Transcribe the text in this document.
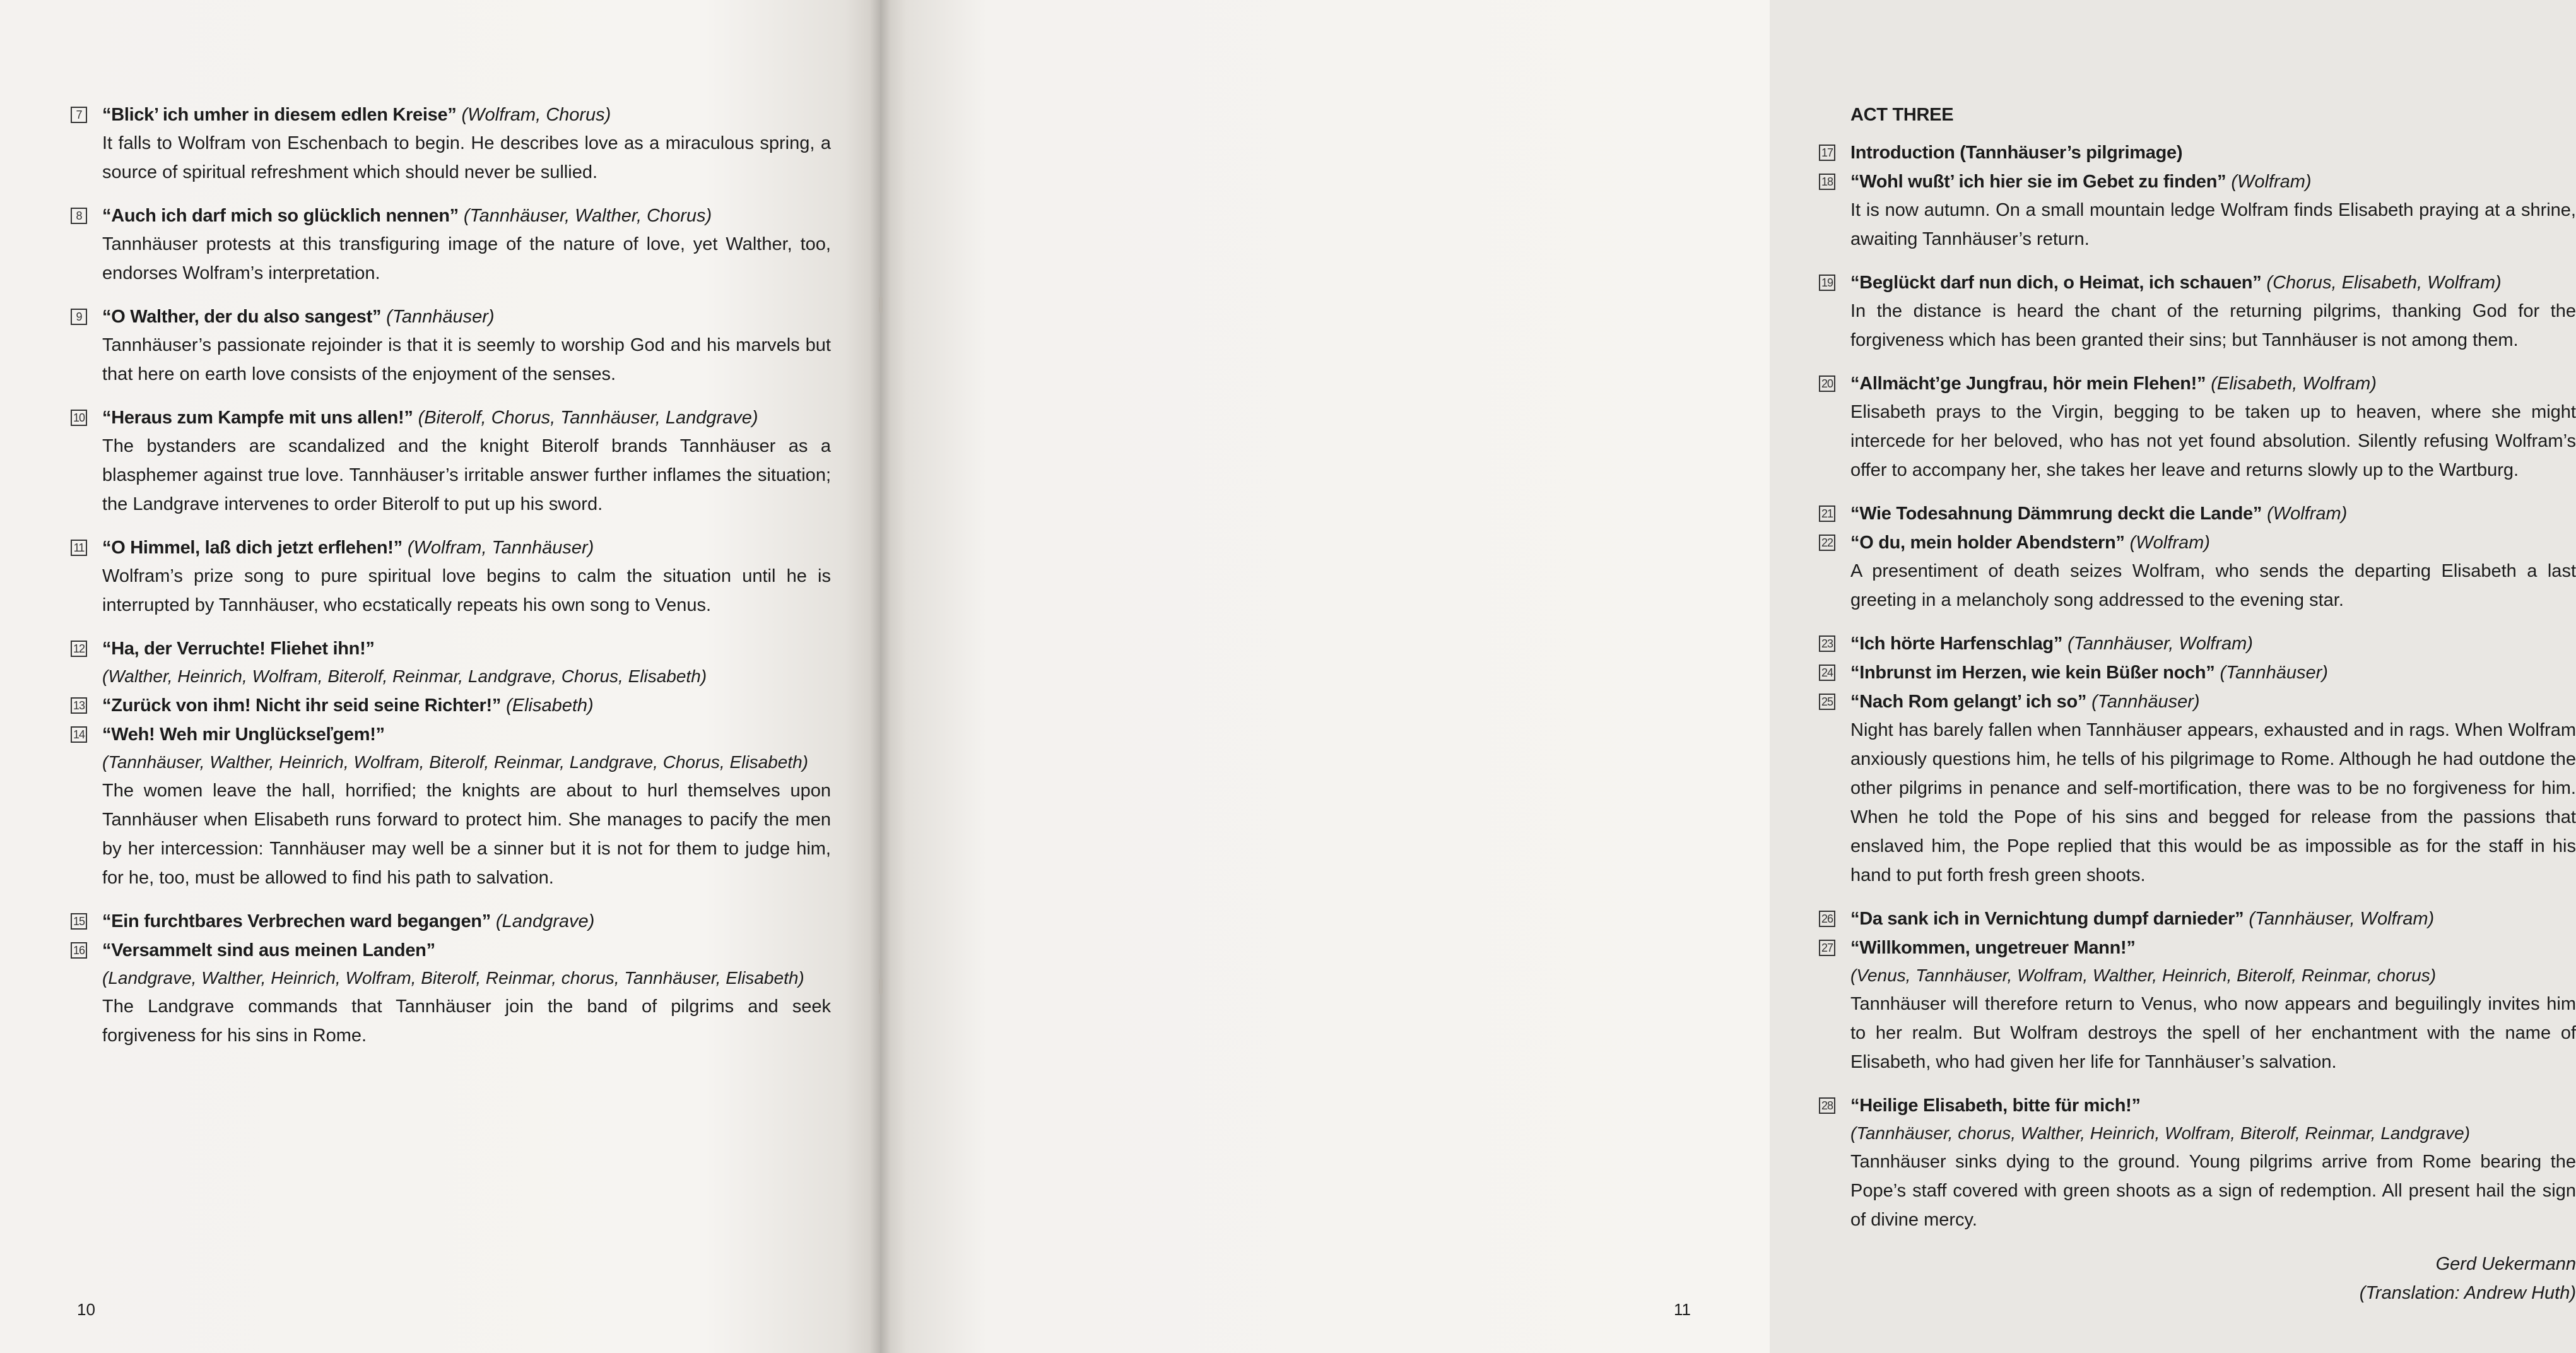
7 “Blick’ ich umher in diesem edlen Kreise” (Wolfram, Chorus)
It falls to Wolfram von Eschenbach to begin. He describes love as a miraculous spring, a source of spiritual refreshment which should never be sullied.
8 “Auch ich darf mich so glücklich nennen” (Tannhäuser, Walther, Chorus)
Tannhäuser protests at this transfiguring image of the nature of love, yet Walther, too, endorses Wolfram’s interpretation.
9 “O Walther, der du also sangest” (Tannhäuser)
Tannhäuser’s passionate rejoinder is that it is seemly to worship God and his marvels but that here on earth love consists of the enjoyment of the senses.
10 “Heraus zum Kampfe mit uns allen!” (Biterolf, Chorus, Tannhäuser, Landgrave)
The bystanders are scandalized and the knight Biterolf brands Tannhäuser as a blasphemer against true love. Tannhäuser’s irritable answer further inflames the situation; the Landgrave intervenes to order Biterolf to put up his sword.
11 “O Himmel, laß dich jetzt erflehen!” (Wolfram, Tannhäuser)
Wolfram’s prize song to pure spiritual love begins to calm the situation until he is interrupted by Tannhäuser, who ecstatically repeats his own song to Venus.
12 “Ha, der Verruchte! Fliehet ihn!”
(Walther, Heinrich, Wolfram, Biterolf, Reinmar, Landgrave, Chorus, Elisabeth)
13 “Zurück von ihm! Nicht ihr seid seine Richter!” (Elisabeth)
14 “Weh! Weh mir Unglückseľgem!”
(Tannhäuser, Walther, Heinrich, Wolfram, Biterolf, Reinmar, Landgrave, Chorus, Elisabeth)
The women leave the hall, horrified; the knights are about to hurl themselves upon Tannhäuser when Elisabeth runs forward to protect him. She manages to pacify the men by her intercession: Tannhäuser may well be a sinner but it is not for them to judge him, for he, too, must be allowed to find his path to salvation.
15 “Ein furchtbares Verbrechen ward begangen” (Landgrave)
16 “Versammelt sind aus meinen Landen”
(Landgrave, Walther, Heinrich, Wolfram, Biterolf, Reinmar, chorus, Tannhäuser, Elisabeth)
The Landgrave commands that Tannhäuser join the band of pilgrims and seek forgiveness for his sins in Rome.
10
ACT THREE
17 Introduction (Tannhäuser’s pilgrimage)
18 “Wohl wußt’ ich hier sie im Gebet zu finden” (Wolfram)
It is now autumn. On a small mountain ledge Wolfram finds Elisabeth praying at a shrine, awaiting Tannhäuser’s return.
19 “Beglückt darf nun dich, o Heimat, ich schauen” (Chorus, Elisabeth, Wolfram)
In the distance is heard the chant of the returning pilgrims, thanking God for the forgiveness which has been granted their sins; but Tannhäuser is not among them.
20 “Allmächt’ge Jungfrau, hör mein Flehen!” (Elisabeth, Wolfram)
Elisabeth prays to the Virgin, begging to be taken up to heaven, where she might intercede for her beloved, who has not yet found absolution. Silently refusing Wolfram’s offer to accompany her, she takes her leave and returns slowly up to the Wartburg.
21 “Wie Todesahnung Dämmrung deckt die Lande” (Wolfram)
22 “O du, mein holder Abendstern” (Wolfram)
A presentiment of death seizes Wolfram, who sends the departing Elisabeth a last greeting in a melancholy song addressed to the evening star.
23 “Ich hörte Harfenschlag” (Tannhäuser, Wolfram)
24 “Inbrunst im Herzen, wie kein Büßer noch” (Tannhäuser)
25 “Nach Rom gelangt’ ich so” (Tannhäuser)
Night has barely fallen when Tannhäuser appears, exhausted and in rags. When Wolfram anxiously questions him, he tells of his pilgrimage to Rome. Although he had outdone the other pilgrims in penance and self-mortification, there was to be no forgiveness for him. When he told the Pope of his sins and begged for release from the passions that enslaved him, the Pope replied that this would be as impossible as for the staff in his hand to put forth fresh green shoots.
26 “Da sank ich in Vernichtung dumpf darnieder” (Tannhäuser, Wolfram)
27 “Willkommen, ungetreuer Mann!”
(Venus, Tannhäuser, Wolfram, Walther, Heinrich, Biterolf, Reinmar, chorus)
Tannhäuser will therefore return to Venus, who now appears and beguilingly invites him to her realm. But Wolfram destroys the spell of her enchantment with the name of Elisabeth, who had given her life for Tannhäuser’s salvation.
28 “Heilige Elisabeth, bitte für mich!”
(Tannhäuser, chorus, Walther, Heinrich, Wolfram, Biterolf, Reinmar, Landgrave)
Tannhäuser sinks dying to the ground. Young pilgrims arrive from Rome bearing the Pope’s staff covered with green shoots as a sign of redemption. All present hail the sign of divine mercy.
Gerd Uekermann
(Translation: Andrew Huth)
11
